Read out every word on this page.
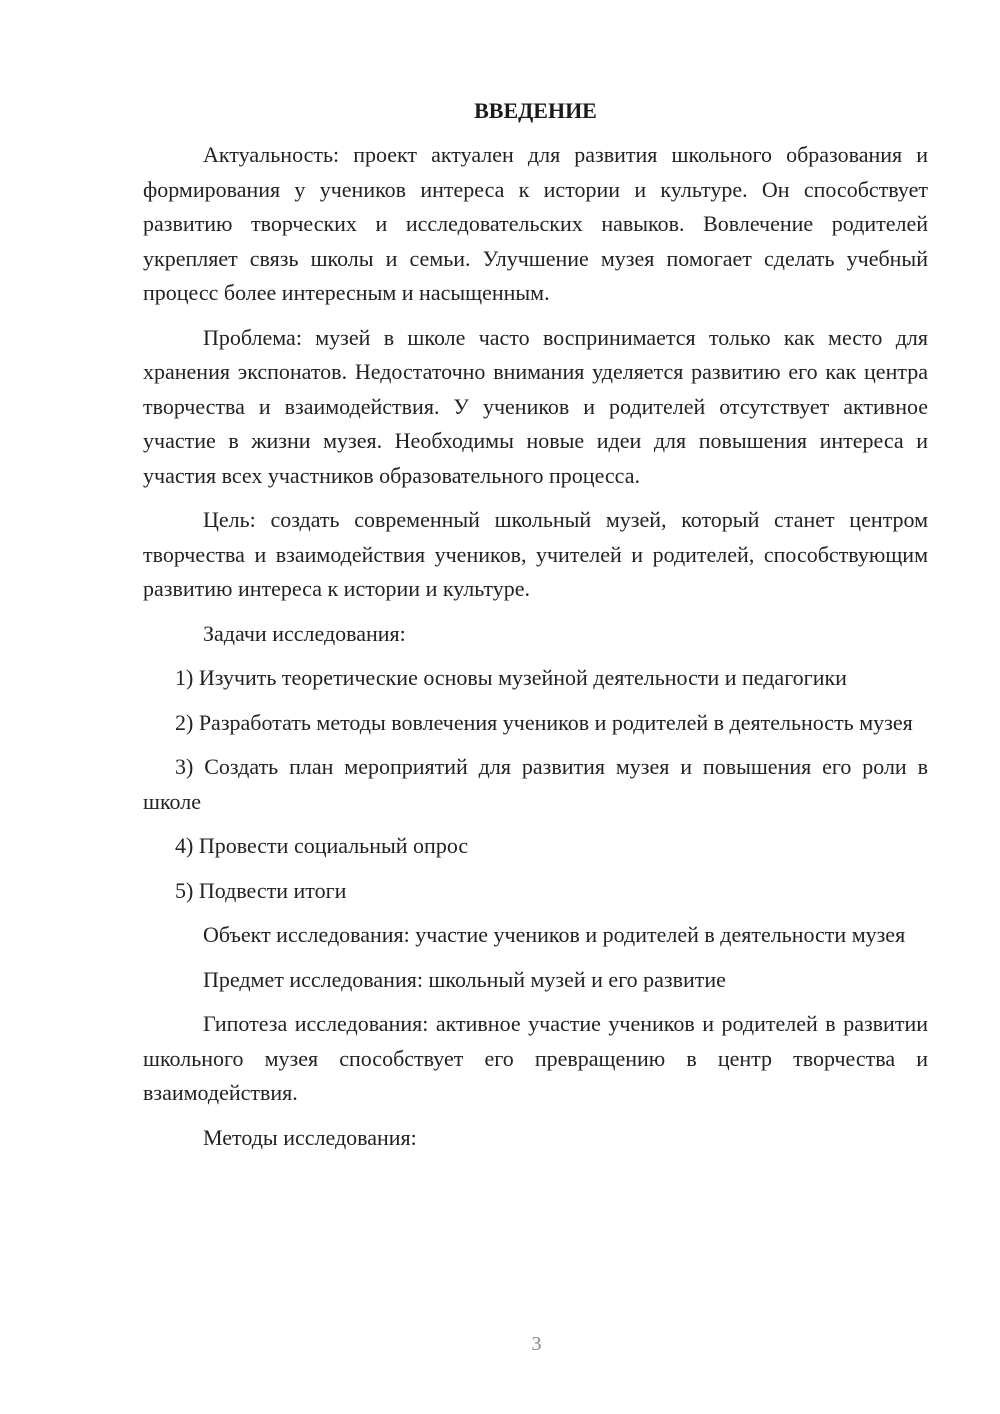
ВВЕДЕНИЕ

Актуальность: проект актуален для развития школьного образования и формирования у учеников интереса к истории и культуре. Он способствует развитию творческих и исследовательских навыков. Вовлечение родителей укрепляет связь школы и семьи. Улучшение музея помогает сделать учебный процесс более интересным и насыщенным.

Проблема: музей в школе часто воспринимается только как место для хранения экспонатов. Недостаточно внимания уделяется развитию его как центра творчества и взаимодействия. У учеников и родителей отсутствует активное участие в жизни музея. Необходимы новые идеи для повышения интереса и участия всех участников образовательного процесса.

Цель: создать современный школьный музей, который станет центром творчества и взаимодействия учеников, учителей и родителей, способствующим развитию интереса к истории и культуре.

Задачи исследования:

1) Изучить теоретические основы музейной деятельности и педагогики

2) Разработать методы вовлечения учеников и родителей в деятельность музея

3) Создать план мероприятий для развития музея и повышения его роли в школе

4) Провести социальный опрос

5) Подвести итоги

Объект исследования: участие учеников и родителей в деятельности музея

Предмет исследования: школьный музей и его развитие

Гипотеза исследования: активное участие учеников и родителей в развитии школьного музея способствует его превращению в центр творчества и взаимодействия.

Методы исследования:

3
